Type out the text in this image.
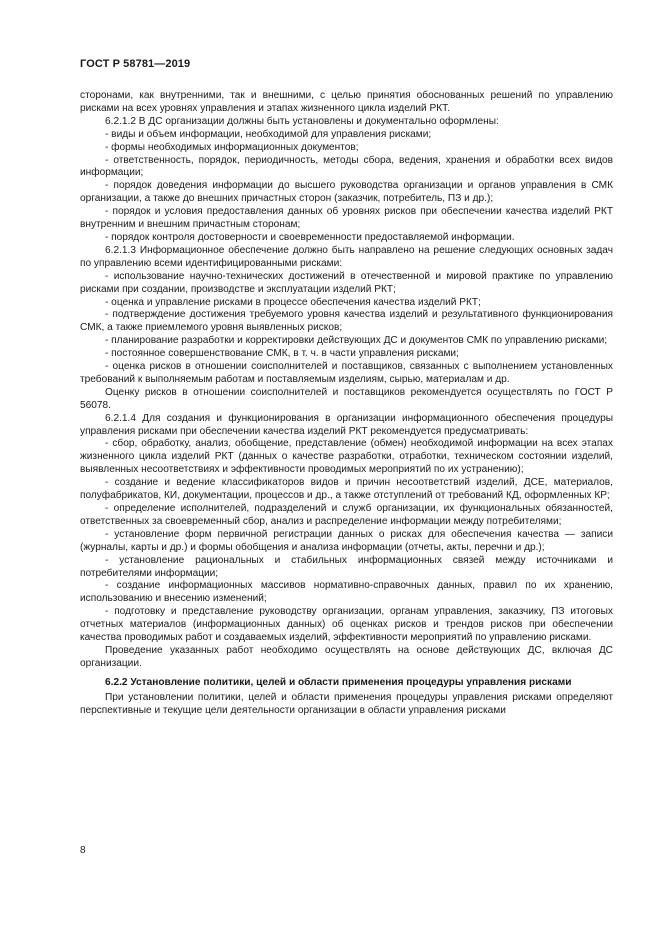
ГОСТ Р 58781—2019

сторонами, как внутренними, так и внешними, с целью принятия обоснованных решений по управлению рисками на всех уровнях управления и этапах жизненного цикла изделий РКТ.

6.2.1.2 В ДС организации должны быть установлены и документально оформлены:

- виды и объем информации, необходимой для управления рисками;

- формы необходимых информационных документов;

- ответственность, порядок, периодичность, методы сбора, ведения, хранения и обработки всех видов информации;

- порядок доведения информации до высшего руководства организации и органов управления в СМК организации, а также до внешних причастных сторон (заказчик, потребитель, ПЗ и др.);

- порядок и условия предоставления данных об уровнях рисков при обеспечении качества изделий РКТ внутренним и внешним причастным сторонам;

- порядок контроля достоверности и своевременности предоставляемой информации.

6.2.1.3 Информационное обеспечение должно быть направлено на решение следующих основных задач по управлению всеми идентифицированными рисками:

- использование научно-технических достижений в отечественной и мировой практике по управлению рисками при создании, производстве и эксплуатации изделий РКТ;

- оценка и управление рисками в процессе обеспечения качества изделий РКТ;

- подтверждение достижения требуемого уровня качества изделий и результативного функционирования СМК, а также приемлемого уровня выявленных рисков;

- планирование разработки и корректировки действующих ДС и документов СМК по управлению рисками;

- постоянное совершенствование СМК, в т. ч. в части управления рисками;

- оценка рисков в отношении соисполнителей и поставщиков, связанных с выполнением установленных требований к выполняемым работам и поставляемым изделиям, сырью, материалам и др.

Оценку рисков в отношении соисполнителей и поставщиков рекомендуется осуществлять по ГОСТ Р 56078.

6.2.1.4 Для создания и функционирования в организации информационного обеспечения процедуры управления рисками при обеспечении качества изделий РКТ рекомендуется предусматривать:

- сбор, обработку, анализ, обобщение, представление (обмен) необходимой информации на всех этапах жизненного цикла изделий РКТ (данных о качестве разработки, отработки, техническом состоянии изделий, выявленных несоответствиях и эффективности проводимых мероприятий по их устранению);

- создание и ведение классификаторов видов и причин несоответствий изделий, ДСЕ, материалов, полуфабрикатов, КИ, документации, процессов и др., а также отступлений от требований КД, оформленных КР;

- определение исполнителей, подразделений и служб организации, их функциональных обязанностей, ответственных за своевременный сбор, анализ и распределение информации между потребителями;

- установление форм первичной регистрации данных о рисках для обеспечения качества — записи (журналы, карты и др.) и формы обобщения и анализа информации (отчеты, акты, перечни и др.);

- установление рациональных и стабильных информационных связей между источниками и потребителями информации;

- создание информационных массивов нормативно-справочных данных, правил по их хранению, использованию и внесению изменений;

- подготовку и представление руководству организации, органам управления, заказчику, ПЗ итоговых отчетных материалов (информационных данных) об оценках рисков и трендов рисков при обеспечении качества проводимых работ и создаваемых изделий, эффективности мероприятий по управлению рисками.

Проведение указанных работ необходимо осуществлять на основе действующих ДС, включая ДС организации.

6.2.2 Установление политики, целей и области применения процедуры управления рисками

При установлении политики, целей и области применения процедуры управления рисками определяют перспективные и текущие цели деятельности организации в области управления рисками

8
